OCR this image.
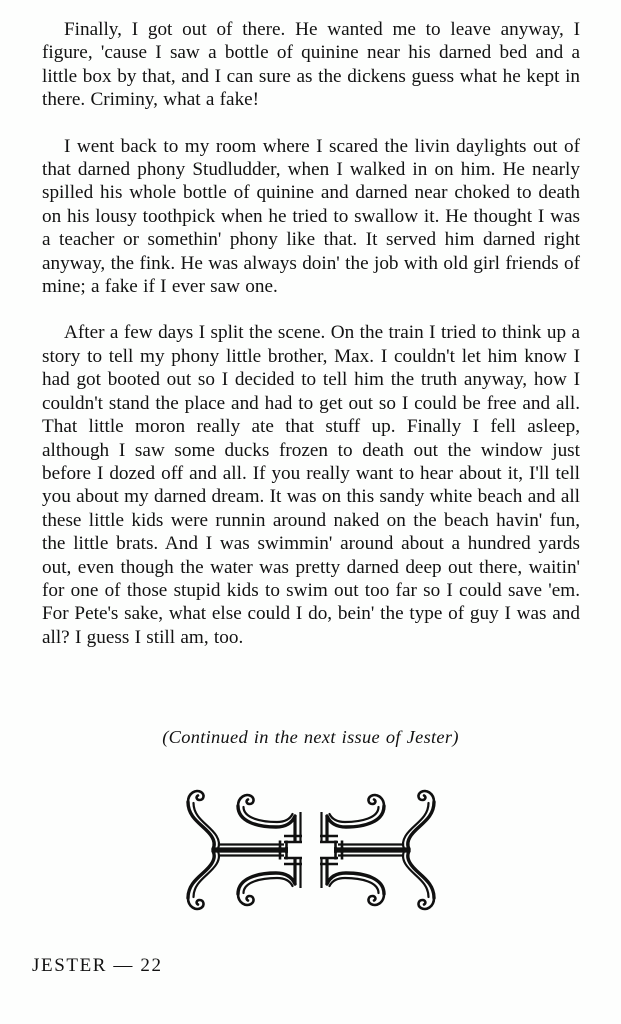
Finally, I got out of there. He wanted me to leave anyway, I figure, 'cause I saw a bottle of quinine near his darned bed and a little box by that, and I can sure as the dickens guess what he kept in there. Criminy, what a fake!

I went back to my room where I scared the livin daylights out of that darned phony Studludder, when I walked in on him. He nearly spilled his whole bottle of quinine and darned near choked to death on his lousy toothpick when he tried to swallow it. He thought I was a teacher or somethin' phony like that. It served him darned right anyway, the fink. He was always doin' the job with old girl friends of mine; a fake if I ever saw one.

After a few days I split the scene. On the train I tried to think up a story to tell my phony little brother, Max. I couldn't let him know I had got booted out so I decided to tell him the truth anyway, how I couldn't stand the place and had to get out so I could be free and all. That little moron really ate that stuff up. Finally I fell asleep, although I saw some ducks frozen to death out the window just before I dozed off and all. If you really want to hear about it, I'll tell you about my darned dream. It was on this sandy white beach and all these little kids were runnin around naked on the beach havin' fun, the little brats. And I was swimmin' around about a hundred yards out, even though the water was pretty darned deep out there, waitin' for one of those stupid kids to swim out too far so I could save 'em. For Pete's sake, what else could I do, bein' the type of guy I was and all? I guess I still am, too.

(Continued in the next issue of Jester)
JESTER — 22
